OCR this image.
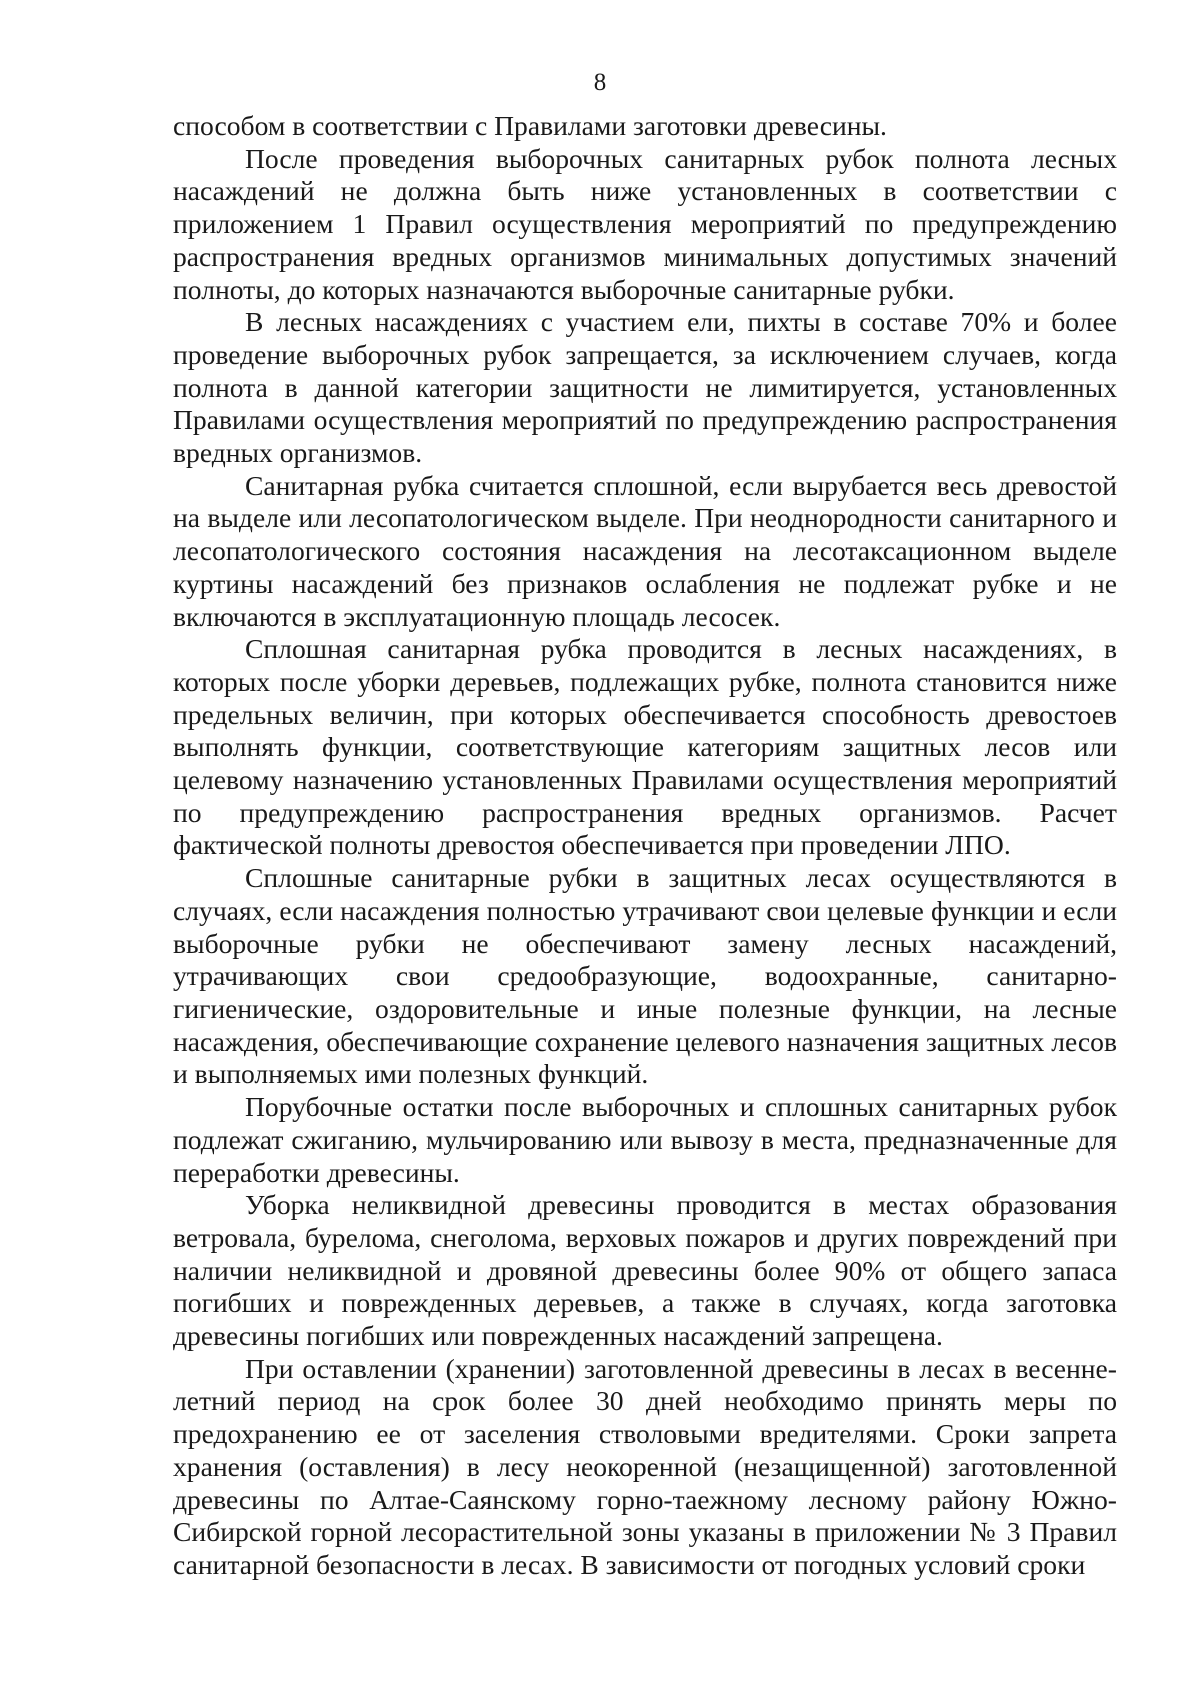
8

способом в соответствии с Правилами заготовки древесины.

После проведения выборочных санитарных рубок полнота лесных насаждений не должна быть ниже установленных в соответствии с приложением 1 Правил осуществления мероприятий по предупреждению распространения вредных организмов минимальных допустимых значений полноты, до которых назначаются выборочные санитарные рубки.

В лесных насаждениях с участием ели, пихты в составе 70% и более проведение выборочных рубок запрещается, за исключением случаев, когда полнота в данной категории защитности не лимитируется, установленных Правилами осуществления мероприятий по предупреждению распространения вредных организмов.

Санитарная рубка считается сплошной, если вырубается весь древостой на выделе или лесопатологическом выделе. При неоднородности санитарного и лесопатологического состояния насаждения на лесотаксационном выделе куртины насаждений без признаков ослабления не подлежат рубке и не включаются в эксплуатационную площадь лесосек.

Сплошная санитарная рубка проводится в лесных насаждениях, в которых после уборки деревьев, подлежащих рубке, полнота становится ниже предельных величин, при которых обеспечивается способность древостоев выполнять функции, соответствующие категориям защитных лесов или целевому назначению установленных Правилами осуществления мероприятий по предупреждению распространения вредных организмов. Расчет фактической полноты древостоя обеспечивается при проведении ЛПО.

Сплошные санитарные рубки в защитных лесах осуществляются в случаях, если насаждения полностью утрачивают свои целевые функции и если выборочные рубки не обеспечивают замену лесных насаждений, утрачивающих свои средообразующие, водоохранные, санитарно-гигиенические, оздоровительные и иные полезные функции, на лесные насаждения, обеспечивающие сохранение целевого назначения защитных лесов и выполняемых ими полезных функций.

Порубочные остатки после выборочных и сплошных санитарных рубок подлежат сжиганию, мульчированию или вывозу в места, предназначенные для переработки древесины.

Уборка неликвидной древесины проводится в местах образования ветровала, бурелома, снеголома, верховых пожаров и других повреждений при наличии неликвидной и дровяной древесины более 90% от общего запаса погибших и поврежденных деревьев, а также в случаях, когда заготовка древесины погибших или поврежденных насаждений запрещена.

При оставлении (хранении) заготовленной древесины в лесах в весенне-летний период на срок более 30 дней необходимо принять меры по предохранению ее от заселения стволовыми вредителями. Сроки запрета хранения (оставления) в лесу неокоренной (незащищенной) заготовленной древесины по Алтае-Саянскому горно-таежному лесному району Южно-Сибирской горной лесорастительной зоны указаны в приложении № 3 Правил санитарной безопасности в лесах. В зависимости от погодных условий сроки
